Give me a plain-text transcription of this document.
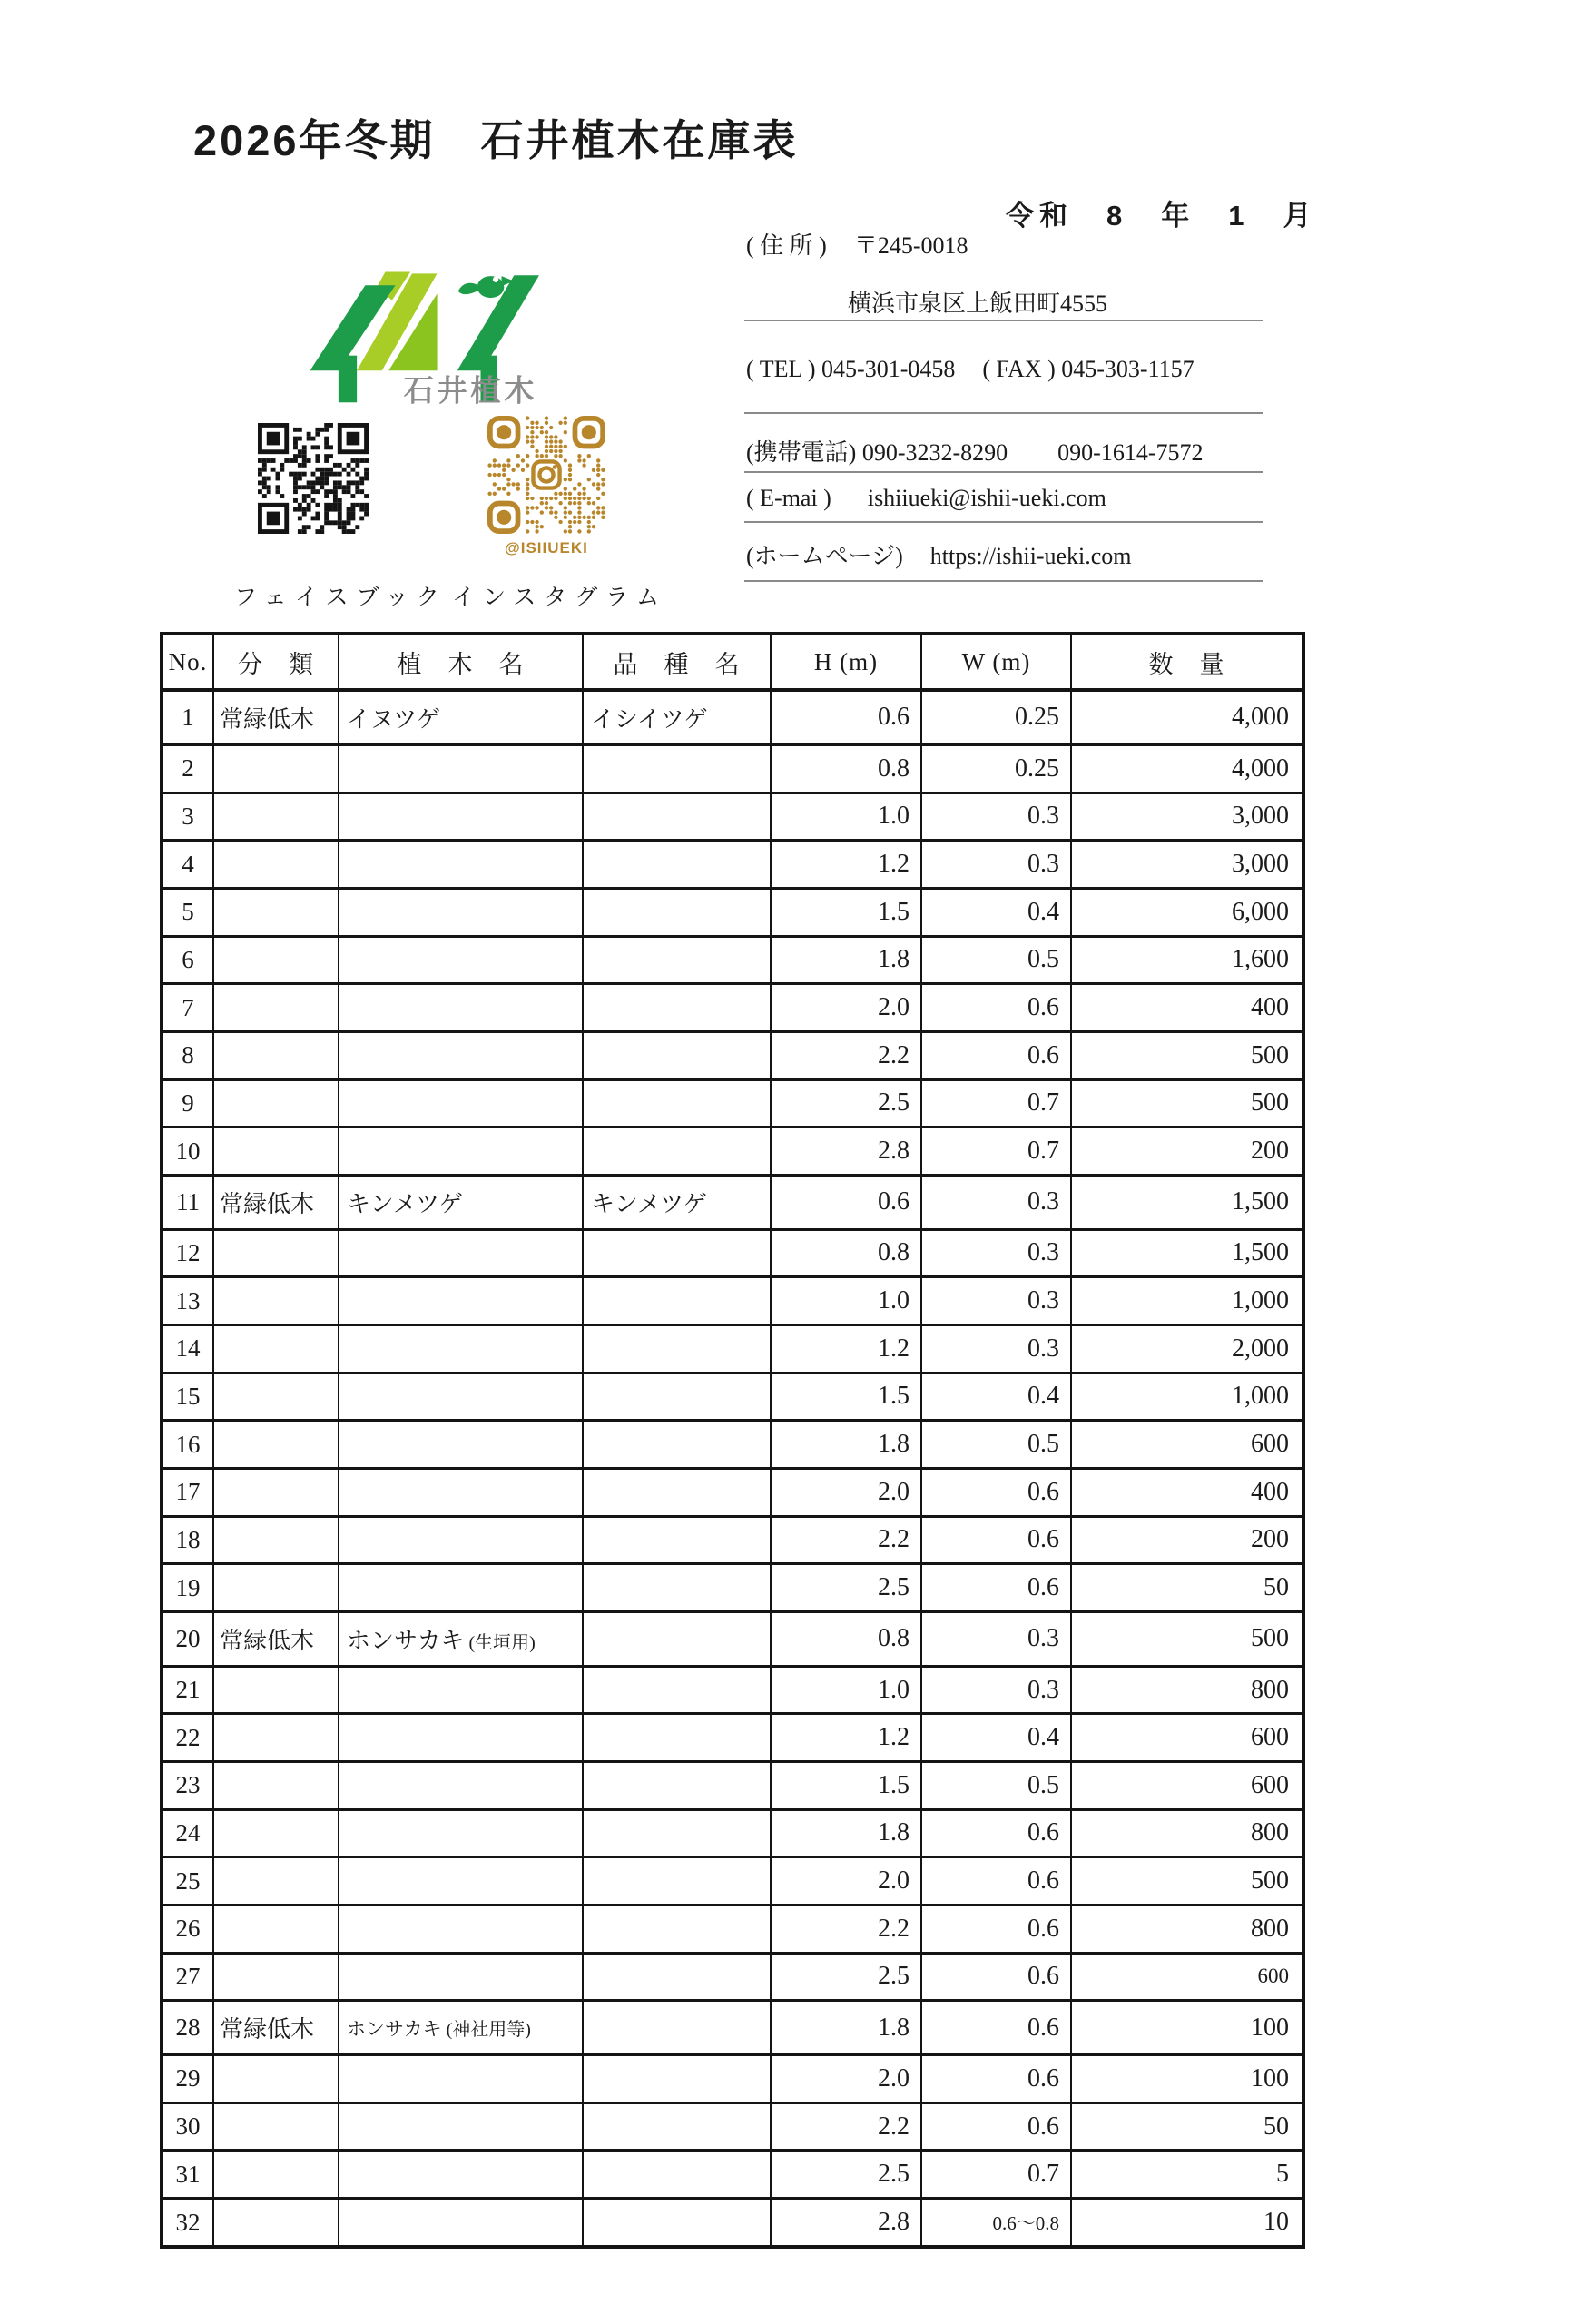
2026年冬期　石井植木在庫表
令和　8　年　1　月
石井植木
( 住 所 ) 〒245-0018
横浜市泉区上飯田町4555
( TEL ) 045-301-0458 ( FAX ) 045-303-1157
(携帯電話) 090-3232-8290 090-1614-7572
( E-mai ) ishiiueki@ishii-ueki.com
(ホームページ) https://ishii-ueki.com
@ISIIUEKI
フェイスブック インスタグラム
No.	分　類	植　木　名	品　種　名	H (m)	W (m)	数　量
1	常緑低木	イヌツゲ	イシイツゲ	0.6	0.25	4,000
2				0.8	0.25	4,000
3				1.0	0.3	3,000
4				1.2	0.3	3,000
5				1.5	0.4	6,000
6				1.8	0.5	1,600
7				2.0	0.6	400
8				2.2	0.6	500
9				2.5	0.7	500
10				2.8	0.7	200
11	常緑低木	キンメツゲ	キンメツゲ	0.6	0.3	1,500
12				0.8	0.3	1,500
13				1.0	0.3	1,000
14				1.2	0.3	2,000
15				1.5	0.4	1,000
16				1.8	0.5	600
17				2.0	0.6	400
18				2.2	0.6	200
19				2.5	0.6	50
20	常緑低木	ホンサカキ (生垣用)		0.8	0.3	500
21				1.0	0.3	800
22				1.2	0.4	600
23				1.5	0.5	600
24				1.8	0.6	800
25				2.0	0.6	500
26				2.2	0.6	800
27				2.5	0.6	600
28	常緑低木	ホンサカキ (神社用等)		1.8	0.6	100
29				2.0	0.6	100
30				2.2	0.6	50
31				2.5	0.7	5
32				2.8	0.6〜0.8	10
